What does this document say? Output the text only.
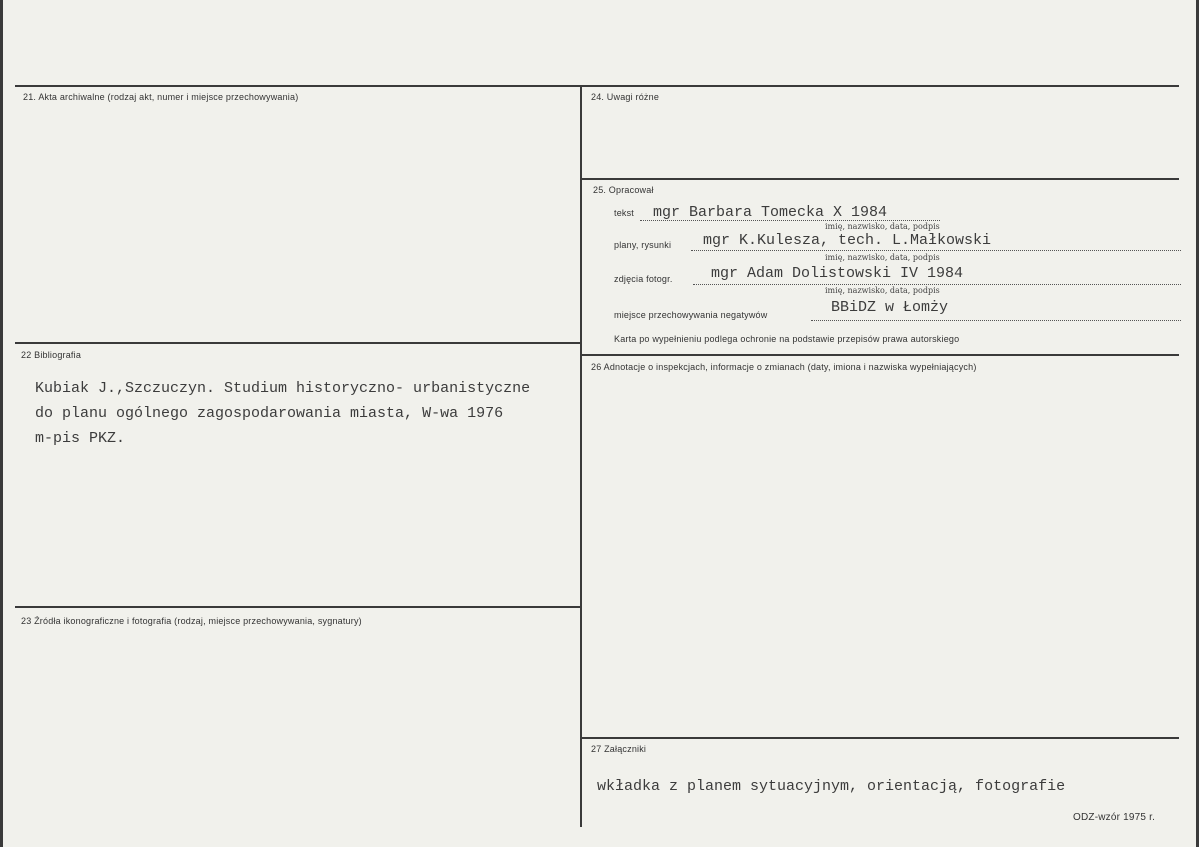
21. Akta archiwalne (rodzaj akt, numer i miejsce przechowywania)
22 Bibliografia
Kubiak J.,Szczuczyn. Studium historyczno- urbanistyczne
do planu ogólnego zagospodarowania miasta, W-wa 1976
m-pis PKZ.
23 Źródła ikonograficzne i fotografia (rodzaj, miejsce przechowywania, sygnatury)
24. Uwagi różne
25. Opracował
tekst mgr Barbara Tomecka X 1984
imię, nazwisko, data, podpis
plany, rysunki mgr K.Kulesza, tech. L.Małkowski
imię, nazwisko, data, podpis
zdjęcia fotogr.	mgr Adam Dolistowski IV 1984
imię, nazwisko, data, podpis
miejsce przechowywania negatywów	BBiDZ w Łomży
Karta po wypełnieniu podlega ochronie na podstawie przepisów prawa autorskiego
26 Adnotacje o inspekcjach, informacje o zmianach (daty, imiona i nazwiska wypełniających)
27 Załączniki
wkładka z planem sytuacyjnym, orientacją, fotografie
ODZ-wzór 1975 r.
